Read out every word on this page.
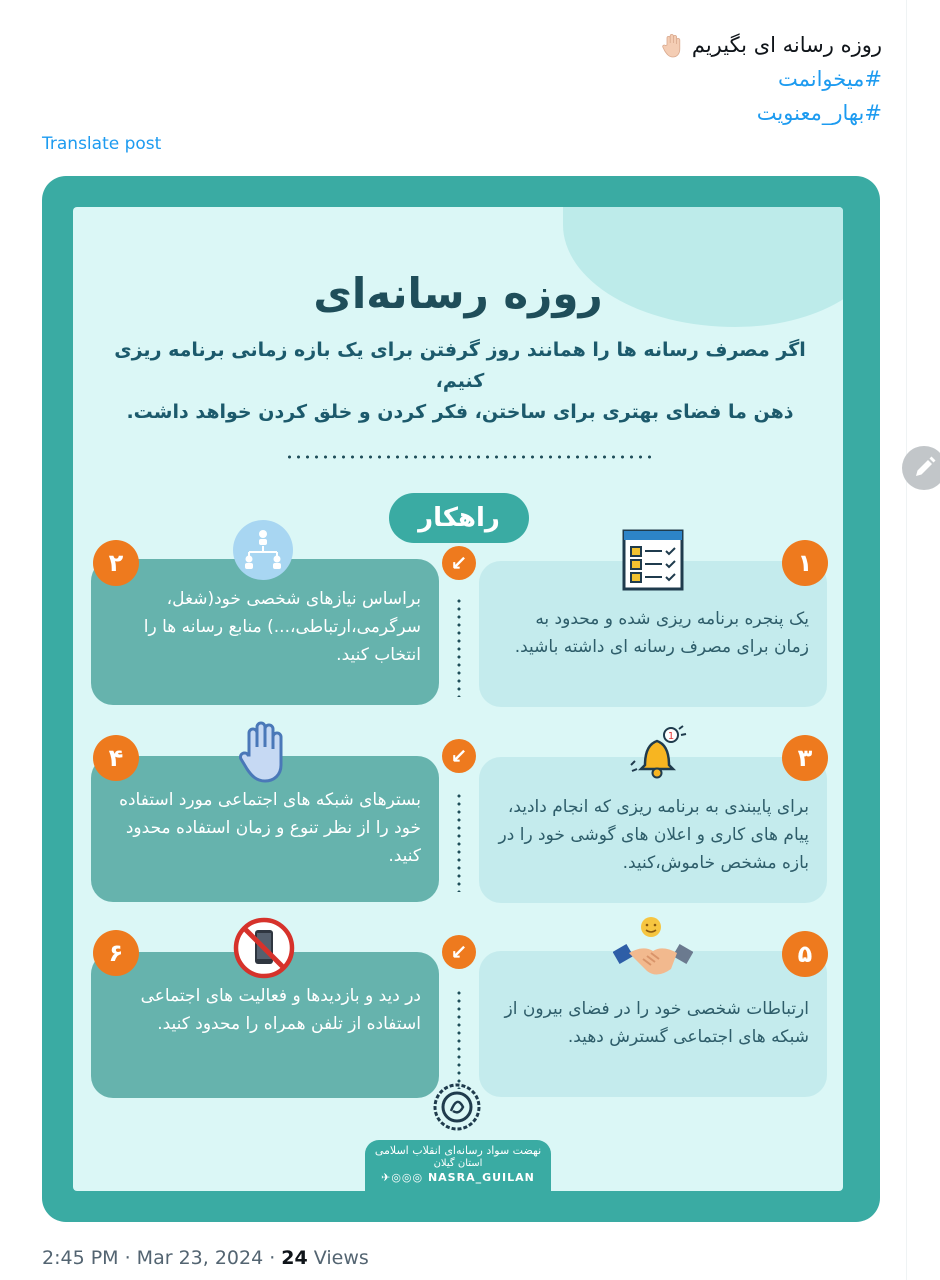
روزه رسانه ای بگیریم
#میخوانمت
#بهار_معنویت
Translate post
روزه رسانه‌ای
اگر مصرف رسانه ها را همانند روز گرفتن برای یک بازه زمانی برنامه ریزی کنیم،
ذهن ما فضای بهتری برای ساختن، فکر کردن و خلق کردن خواهد داشت.
راهکار
یک پنجره برنامه ریزی شده و محدود به زمان برای مصرف رسانه ای داشته باشید.
۱
براساس نیازهای شخصی خود(شغل، سرگرمی،ارتباطی،...) منابع رسانه ها را انتخاب کنید.
۲	↙
برای پایبندی به برنامه ریزی که انجام دادید، پیام های کاری و اعلان های گوشی خود را در بازه مشخص خاموش،کنید.
۳
1
بسترهای شبکه های اجتماعی مورد استفاده خود را از نظر تنوع و زمان استفاده محدود کنید.
۴	↙
ارتباطات شخصی خود را در فضای بیرون از شبکه های اجتماعی گسترش دهید.
۵
در دید و بازدیدها و فعالیت های اجتماعی استفاده از تلفن همراه را محدود کنید.
۶	↙
نهضت سواد رسانه‌ای انقلاب اسلامی
استان گیلان
✈◎◎◎ NASRA_GUILAN
2:45 PM · Mar 23, 2024 · 24 Views
